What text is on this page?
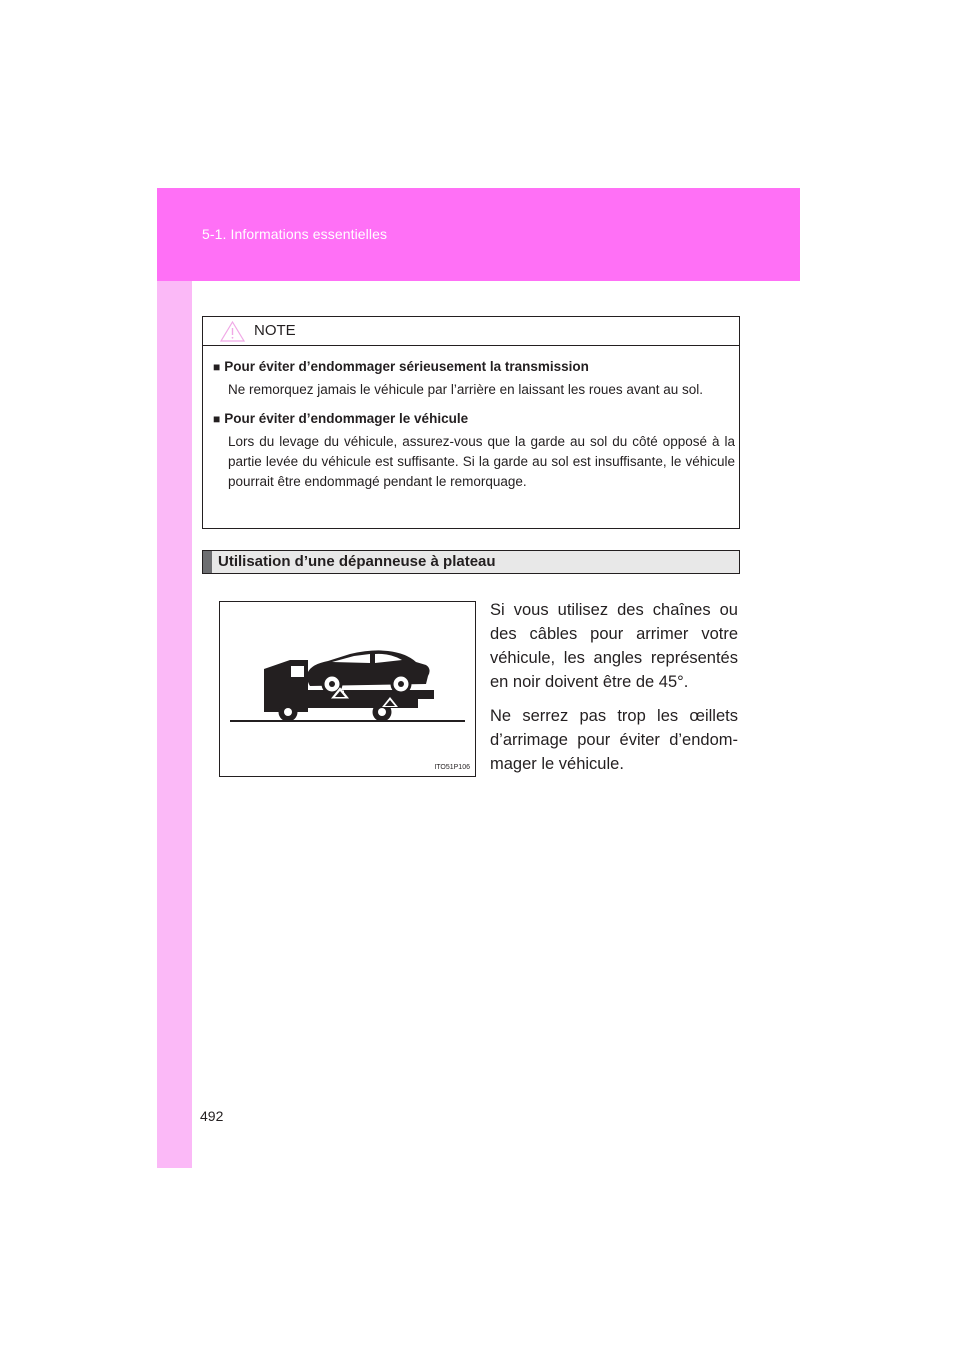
5-1. Informations essentielles
NOTE
■ Pour éviter d’endommager sérieusement la transmission

Ne remorquez jamais le véhicule par l’arrière en laissant les roues avant au sol.

■ Pour éviter d’endommager le véhicule

Lors du levage du véhicule, assurez-vous que la garde au sol du côté opposé à la partie levée du véhicule est suffisante. Si la garde au sol est insuffisante, le véhicule pourrait être endommagé pendant le remorquage.

Utilisation d’une dépanneuse à plateau
ITO51P106

Si vous utilisez des chaînes ou des câbles pour arrimer votre véhicule, les angles représentés en noir doivent être de 45°.

Ne serrez pas trop les œillets d’arrimage pour éviter d’endom-mager le véhicule.

492
